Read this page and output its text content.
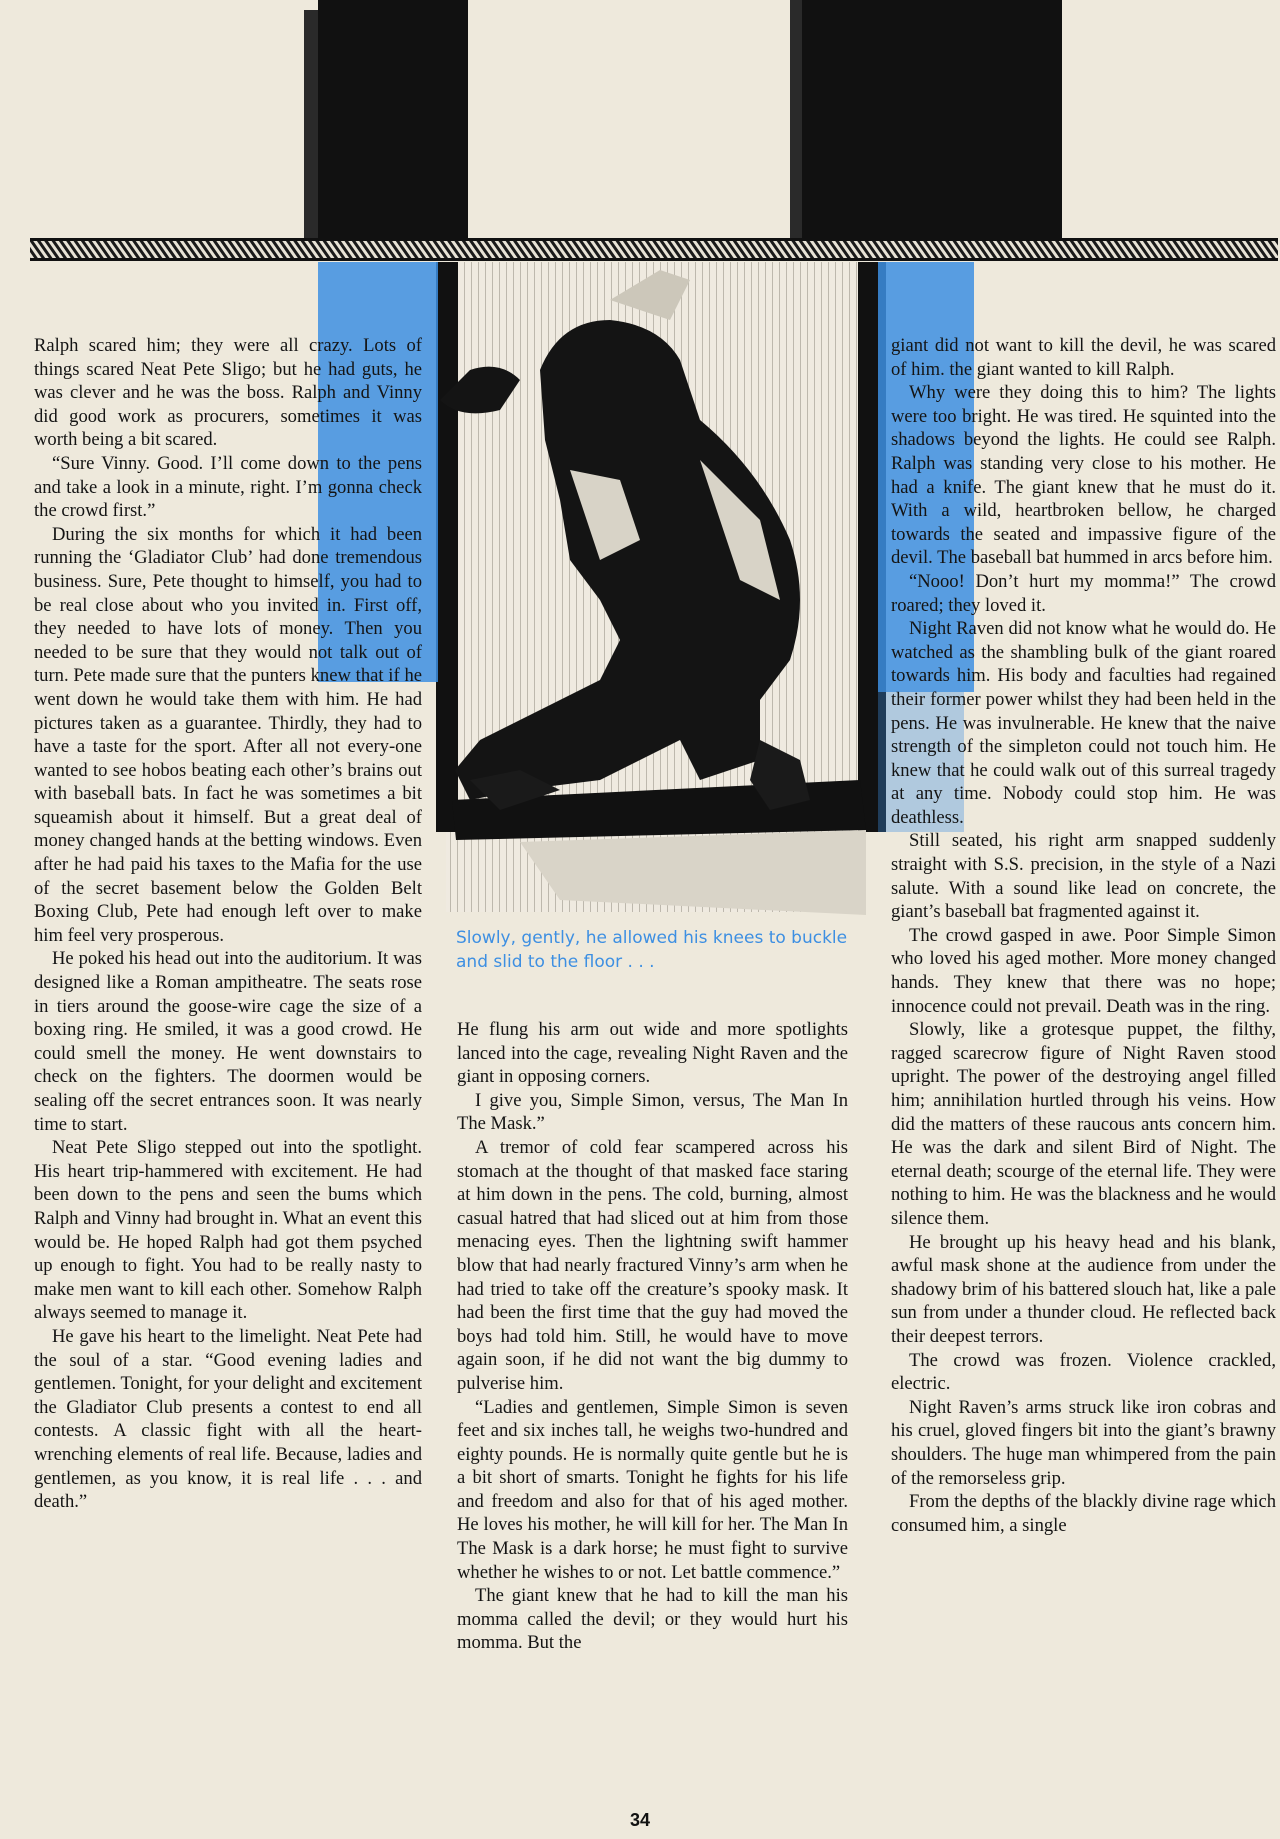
Ralph scared him; they were all crazy. Lots of things scared Neat Pete Sligo; but he had guts, he was clever and he was the boss. Ralph and Vinny did good work as procurers, sometimes it was worth being a bit scared.

“Sure Vinny. Good. I’ll come down to the pens and take a look in a minute, right. I’m gonna check the crowd first.”

During the six months for which it had been running the ‘Gladiator Club’ had done tremendous business. Sure, Pete thought to himself, you had to be real close about who you invited in. First off, they needed to have lots of money. Then you needed to be sure that they would not talk out of turn. Pete made sure that the punters knew that if he went down he would take them with him. He had pictures taken as a guarantee. Thirdly, they had to have a taste for the sport. After all not every-one wanted to see hobos beating each other’s brains out with baseball bats. In fact he was sometimes a bit squeamish about it himself. But a great deal of money changed hands at the betting windows. Even after he had paid his taxes to the Mafia for the use of the secret basement below the Golden Belt Boxing Club, Pete had enough left over to make him feel very prosperous.

He poked his head out into the auditorium. It was designed like a Roman ampitheatre. The seats rose in tiers around the goose-wire cage the size of a boxing ring. He smiled, it was a good crowd. He could smell the money. He went downstairs to check on the fighters. The doormen would be sealing off the secret entrances soon. It was nearly time to start.

Neat Pete Sligo stepped out into the spotlight. His heart trip-hammered with excitement. He had been down to the pens and seen the bums which Ralph and Vinny had brought in. What an event this would be. He hoped Ralph had got them psyched up enough to fight. You had to be really nasty to make men want to kill each other. Somehow Ralph always seemed to manage it.

He gave his heart to the limelight. Neat Pete had the soul of a star. “Good evening ladies and gentlemen. Tonight, for your delight and excitement the Gladiator Club presents a contest to end all contests. A classic fight with all the heart-wrenching elements of real life. Because, ladies and gentlemen, as you know, it is real life . . . and death.”

Slowly, gently, he allowed his knees to buckle and slid to the floor . . .

He flung his arm out wide and more spotlights lanced into the cage, revealing Night Raven and the giant in opposing corners.

I give you, Simple Simon, versus, The Man In The Mask.”

A tremor of cold fear scampered across his stomach at the thought of that masked face staring at him down in the pens. The cold, burning, almost casual hatred that had sliced out at him from those menacing eyes. Then the lightning swift hammer blow that had nearly fractured Vinny’s arm when he had tried to take off the creature’s spooky mask. It had been the first time that the guy had moved the boys had told him. Still, he would have to move again soon, if he did not want the big dummy to pulverise him.

“Ladies and gentlemen, Simple Simon is seven feet and six inches tall, he weighs two-hundred and eighty pounds. He is normally quite gentle but he is a bit short of smarts. Tonight he fights for his life and freedom and also for that of his aged mother. He loves his mother, he will kill for her. The Man In The Mask is a dark horse; he must fight to survive whether he wishes to or not. Let battle commence.”

The giant knew that he had to kill the man his momma called the devil; or they would hurt his momma. But the

giant did not want to kill the devil, he was scared of him. the giant wanted to kill Ralph.

Why were they doing this to him? The lights were too bright. He was tired. He squinted into the shadows beyond the lights. He could see Ralph. Ralph was standing very close to his mother. He had a knife. The giant knew that he must do it. With a wild, heartbroken bellow, he charged towards the seated and impassive figure of the devil. The baseball bat hummed in arcs before him.

“Nooo! Don’t hurt my momma!” The crowd roared; they loved it.

Night Raven did not know what he would do. He watched as the shambling bulk of the giant roared towards him. His body and faculties had regained their former power whilst they had been held in the pens. He was invulnerable. He knew that the naive strength of the simpleton could not touch him. He knew that he could walk out of this surreal tragedy at any time. Nobody could stop him. He was deathless.

Still seated, his right arm snapped suddenly straight with S.S. precision, in the style of a Nazi salute. With a sound like lead on concrete, the giant’s baseball bat fragmented against it.

The crowd gasped in awe. Poor Simple Simon who loved his aged mother. More money changed hands. They knew that there was no hope; innocence could not prevail. Death was in the ring.

Slowly, like a grotesque puppet, the filthy, ragged scarecrow figure of Night Raven stood upright. The power of the destroying angel filled him; annihilation hurtled through his veins. How did the matters of these raucous ants concern him. He was the dark and silent Bird of Night. The eternal death; scourge of the eternal life. They were nothing to him. He was the blackness and he would silence them.

He brought up his heavy head and his blank, awful mask shone at the audience from under the shadowy brim of his battered slouch hat, like a pale sun from under a thunder cloud. He reflected back their deepest terrors.

The crowd was frozen. Violence crackled, electric.

Night Raven’s arms struck like iron cobras and his cruel, gloved fingers bit into the giant’s brawny shoulders. The huge man whimpered from the pain of the remorseless grip.

From the depths of the blackly divine rage which consumed him, a single

34
